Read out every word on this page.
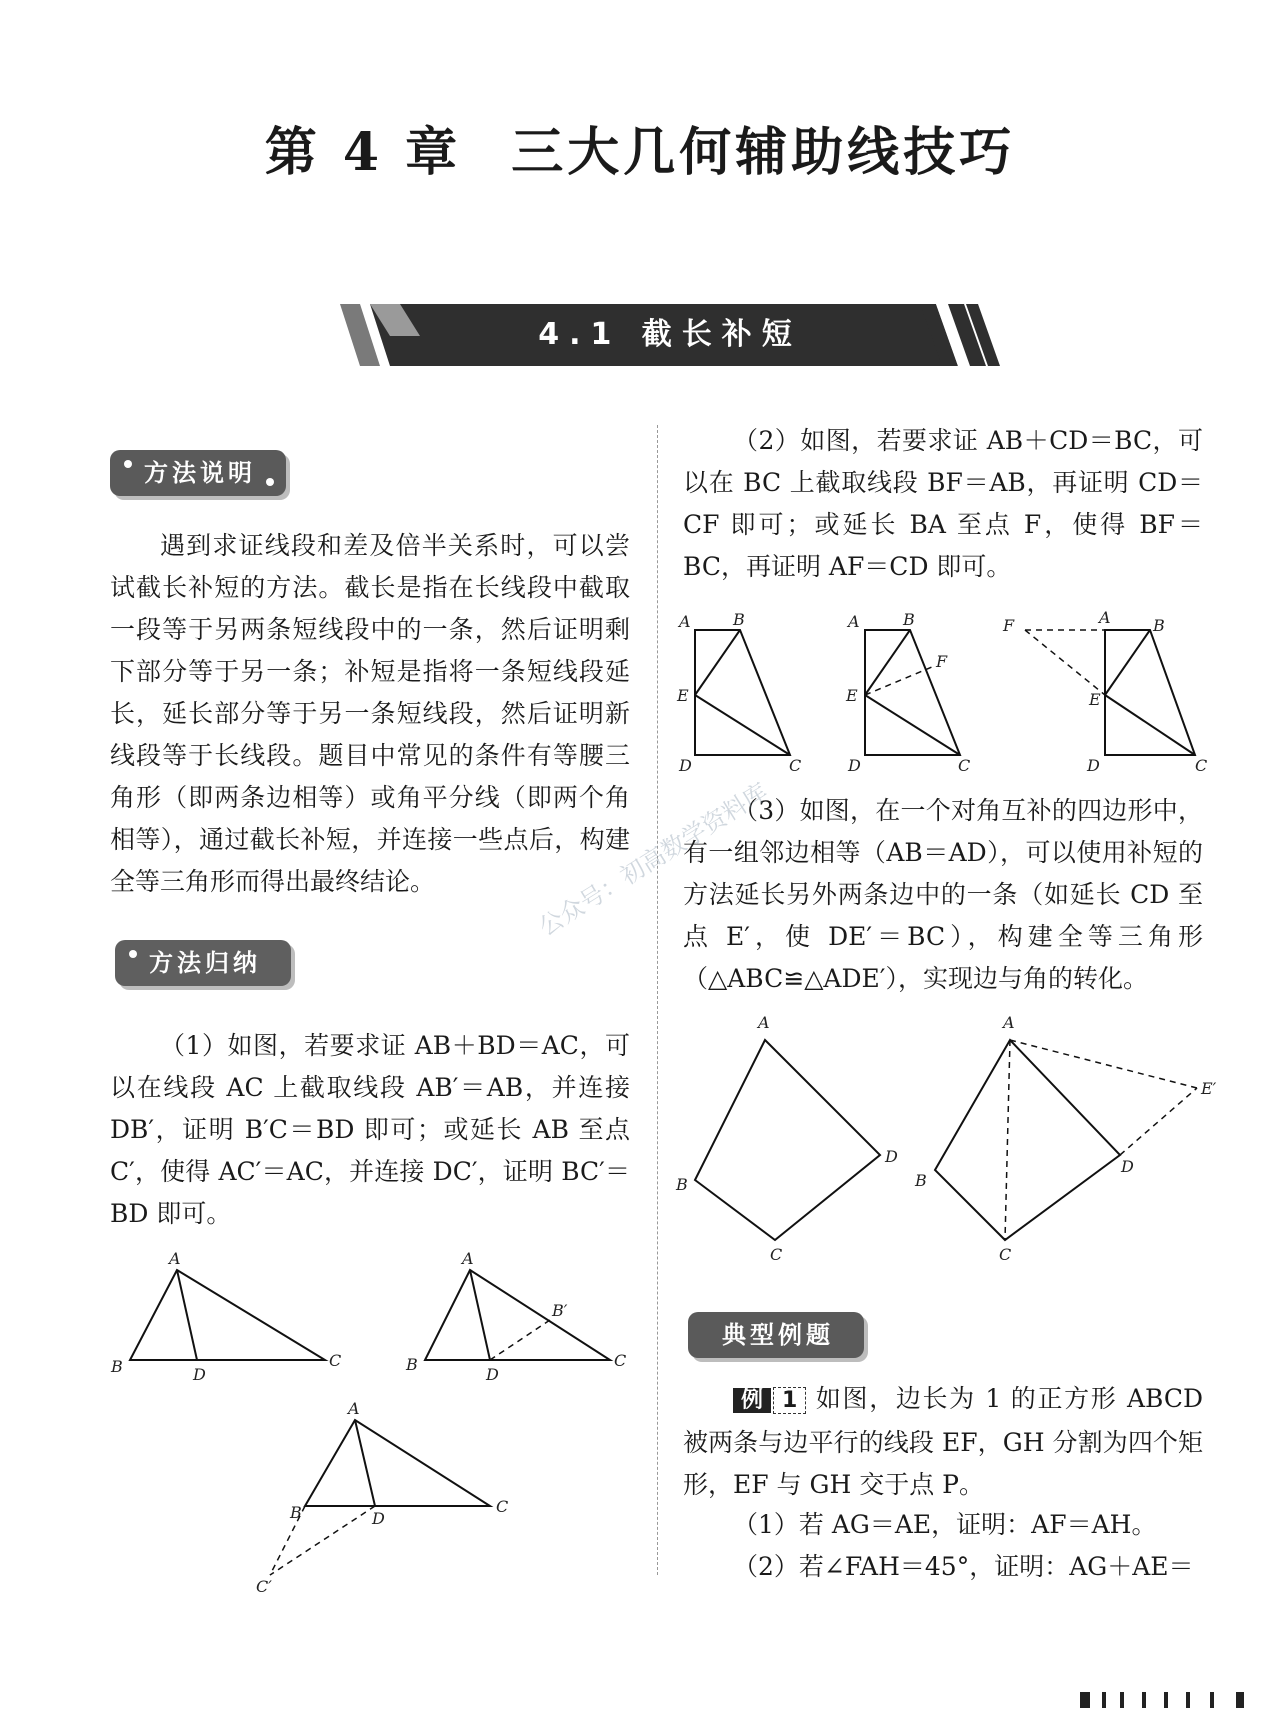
第 4 章 三大几何辅助线技巧
4.1 截长补短
方法说明
遇到求证线段和差及倍半关系时，可以尝试截长补短的方法。截长是指在长线段中截取一段等于另两条短线段中的一条，然后证明剩下部分等于另一条；补短是指将一条短线段延长，延长部分等于另一条短线段，然后证明新线段等于长线段。题目中常见的条件有等腰三角形（即两条边相等）或角平分线（即两个角相等），通过截长补短，并连接一些点后，构建全等三角形而得出最终结论。
方法归纳
（1）如图，若要求证 AB＋BD＝AC，可以在线段 AC 上截取线段 AB′＝AB，并连接 DB′，证明 B′C＝BD 即可；或延长 AB 至点 C′，使得 AC′＝AC，并连接 DC′，证明 BC′＝BD 即可。
A
B	D
C
A
B
D
C
B′
A
B	D
C
C′
（2）如图，若要求证 AB＋CD＝BC，可以在 BC 上截取线段 BF＝AB，再证明 CD＝CF 即可；或延长 BA 至点 F，使得 BF＝BC，再证明 AF＝CD 即可。
A	B
E
D	C
A	B
F
E
D	C
F	A	B
E
D	C
（3）如图，在一个对角互补的四边形中，有一组邻边相等（AB＝AD），可以使用补短的方法延长另外两条边中的一条（如延长 CD 至点 E′，使 DE′＝BC），构建全等三角形（△ABC≌△ADE′），实现边与角的转化。
A
D
C
B
A
E′
D
C
B
典型例题
例 1 如图，边长为 1 的正方形 ABCD 被两条与边平行的线段 EF，GH 分割为四个矩形，EF 与 GH 交于点 P。
（1）若 AG＝AE，证明：AF＝AH。
（2）若∠FAH＝45°，证明：AG＋AE＝
公众号：初高数学资料库
